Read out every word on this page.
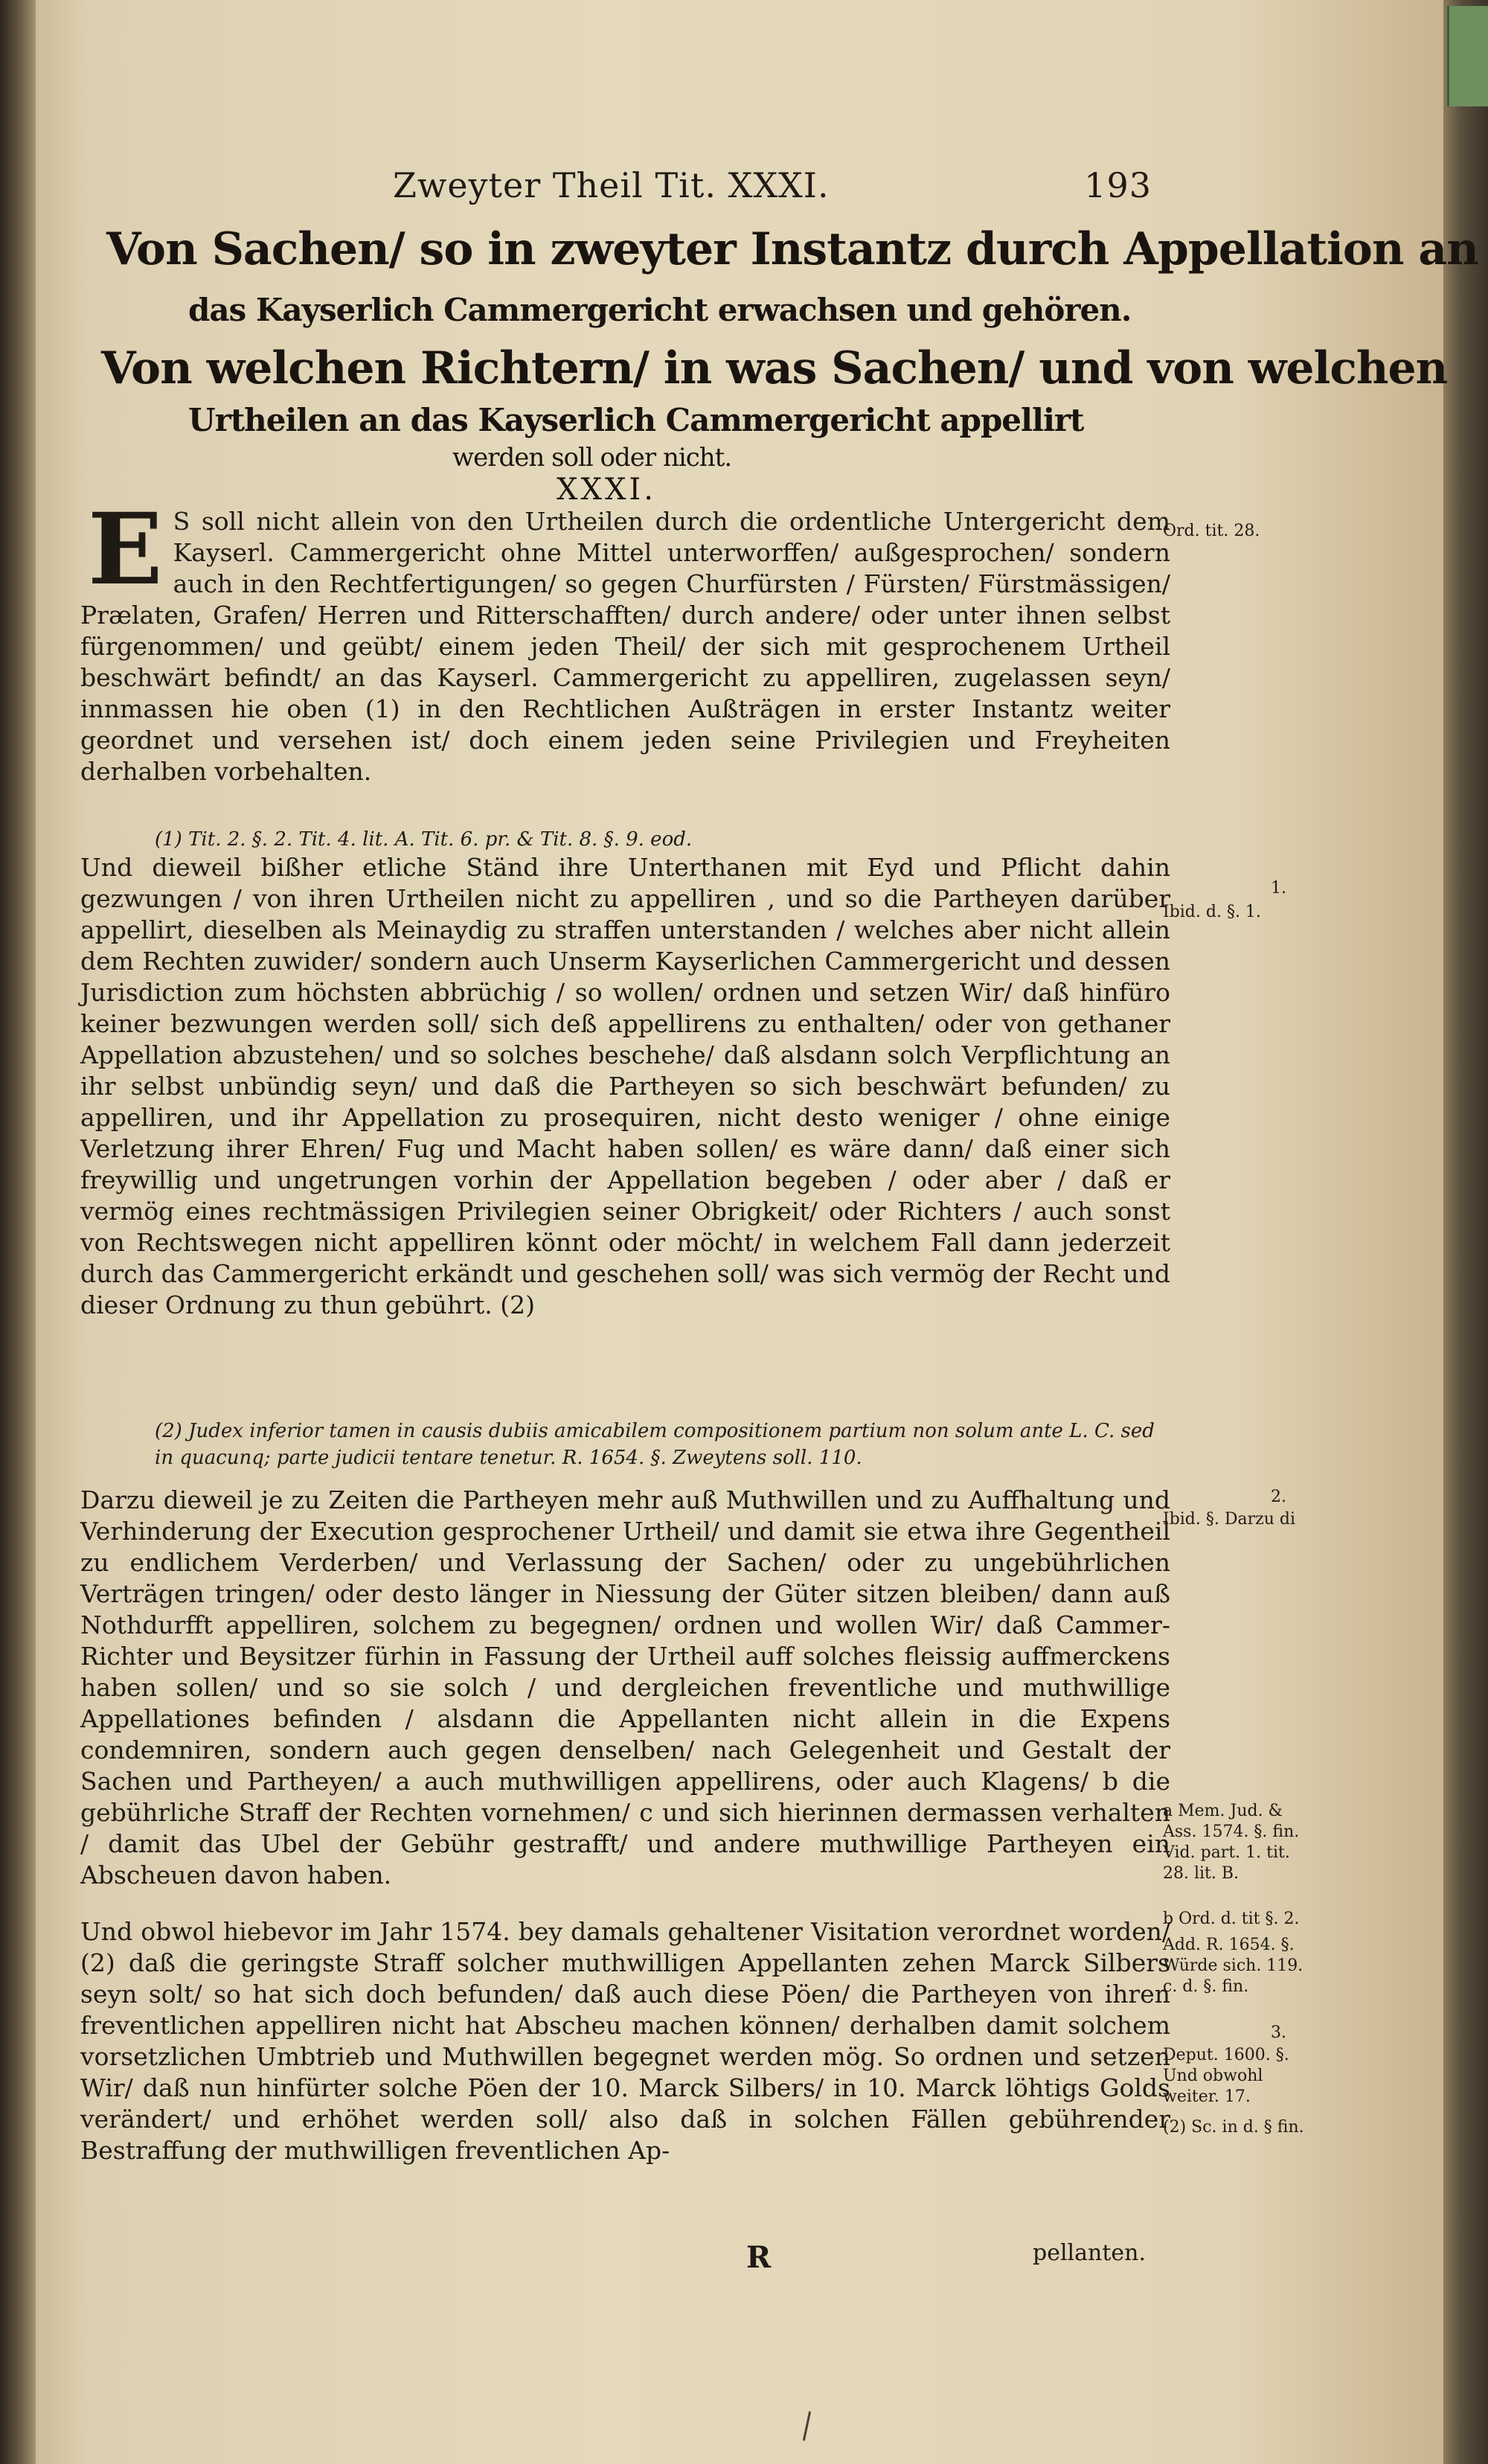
Zweyter Theil Tit. XXXI.	193
Von Sachen/ so in zweyter Instantz durch Appellation an
das Kayserlich Cammergericht erwachsen und gehören.
Von welchen Richtern/ in was Sachen/ und von welchen
Urtheilen an das Kayserlich Cammergericht appellirt
werden soll oder nicht.
XXXI.
E S soll nicht allein von den Urtheilen durch die ordentliche Untergericht dem Kayserl. Cammergericht ohne Mittel unterworffen/ außgesprochen/ sondern auch in den Rechtfertigungen/ so gegen Churfürsten / Fürsten/ Fürstmässigen/ Prælaten, Grafen/ Herren und Ritterschafften/ durch andere/ oder unter ihnen selbst fürgenommen/ und geübt/ einem jeden Theil/ der sich mit gesprochenem Urtheil beschwärt befindt/ an das Kayserl. Cammergericht zu appelliren, zugelassen seyn/ innmassen hie oben (1) in den Rechtlichen Außträgen in erster Instantz weiter geordnet und versehen ist/ doch einem jeden seine Privilegien und Freyheiten derhalben vorbehalten.
(1) Tit. 2. §. 2. Tit. 4. lit. A. Tit. 6. pr. & Tit. 8. §. 9. eod.
Und dieweil bißher etliche Ständ ihre Unterthanen mit Eyd und Pflicht dahin gezwungen / von ihren Urtheilen nicht zu appelliren , und so die Partheyen darüber appellirt, dieselben als Meinaydig zu straffen unterstanden / welches aber nicht allein dem Rechten zuwider/ sondern auch Unserm Kayserlichen Cammergericht und dessen Jurisdiction zum höchsten abbrüchig / so wollen/ ordnen und setzen Wir/ daß hinfüro keiner bezwungen werden soll/ sich deß appellirens zu enthalten/ oder von gethaner Appellation abzustehen/ und so solches beschehe/ daß alsdann solch Verpflichtung an ihr selbst unbündig seyn/ und daß die Partheyen so sich beschwärt befunden/ zu appelliren, und ihr Appellation zu prosequiren, nicht desto weniger / ohne einige Verletzung ihrer Ehren/ Fug und Macht haben sollen/ es wäre dann/ daß einer sich freywillig und ungetrungen vorhin der Appellation begeben / oder aber / daß er vermög eines rechtmässigen Privilegien seiner Obrigkeit/ oder Richters / auch sonst von Rechtswegen nicht appelliren könnt oder möcht/ in welchem Fall dann jederzeit durch das Cammergericht erkändt und geschehen soll/ was sich vermög der Recht und dieser Ordnung zu thun gebührt. (2)
(2) Judex inferior tamen in causis dubiis amicabilem compositionem partium non solum ante L. C. sed in quacunq; parte judicii tentare tenetur. R. 1654. §. Zweytens soll. 110.
Darzu dieweil je zu Zeiten die Partheyen mehr auß Muthwillen und zu Auffhaltung und Verhinderung der Execution gesprochener Urtheil/ und damit sie etwa ihre Gegentheil zu endlichem Verderben/ und Verlassung der Sachen/ oder zu ungebührlichen Verträgen tringen/ oder desto länger in Niessung der Güter sitzen bleiben/ dann auß Nothdurfft appelliren, solchem zu begegnen/ ordnen und wollen Wir/ daß Cammer-Richter und Beysitzer fürhin in Fassung der Urtheil auff solches fleissig auffmerckens haben sollen/ und so sie solch / und dergleichen freventliche und muthwillige Appellationes befinden / alsdann die Appellanten nicht allein in die Expens condemniren, sondern auch gegen denselben/ nach Gelegenheit und Gestalt der Sachen und Partheyen/ a auch muthwilligen appellirens, oder auch Klagens/ b die gebührliche Straff der Rechten vornehmen/ c und sich hierinnen dermassen verhalten / damit das Ubel der Gebühr gestrafft/ und andere muthwillige Partheyen ein Abscheuen davon haben.
Und obwol hiebevor im Jahr 1574. bey damals gehaltener Visitation verordnet worden/ (2) daß die geringste Straff solcher muthwilligen Appellanten zehen Marck Silbers seyn solt/ so hat sich doch befunden/ daß auch diese Pöen/ die Partheyen von ihren freventlichen appelliren nicht hat Abscheu machen können/ derhalben damit solchem vorsetzlichen Umbtrieb und Muthwillen begegnet werden mög. So ordnen und setzen Wir/ daß nun hinfürter solche Pöen der 10. Marck Silbers/ in 10. Marck löhtigs Golds verändert/ und erhöhet werden soll/ also daß in solchen Fällen gebührender Bestraffung der muthwilligen freventlichen Ap-
Ord. tit. 28.
1.
Ibid. d. §. 1.
2.
Ibid. §. Darzu di
a Mem. Jud. & Ass. 1574. §. fin. Vid. part. 1. tit. 28. lit. B.
b Ord. d. tit §. 2.
Add. R. 1654. §. Würde sich. 119. c. d. §. fin.
3.
Deput. 1600. §. Und obwohl weiter. 17.
(2) Sc. in d. § fin.
R	pellanten.
